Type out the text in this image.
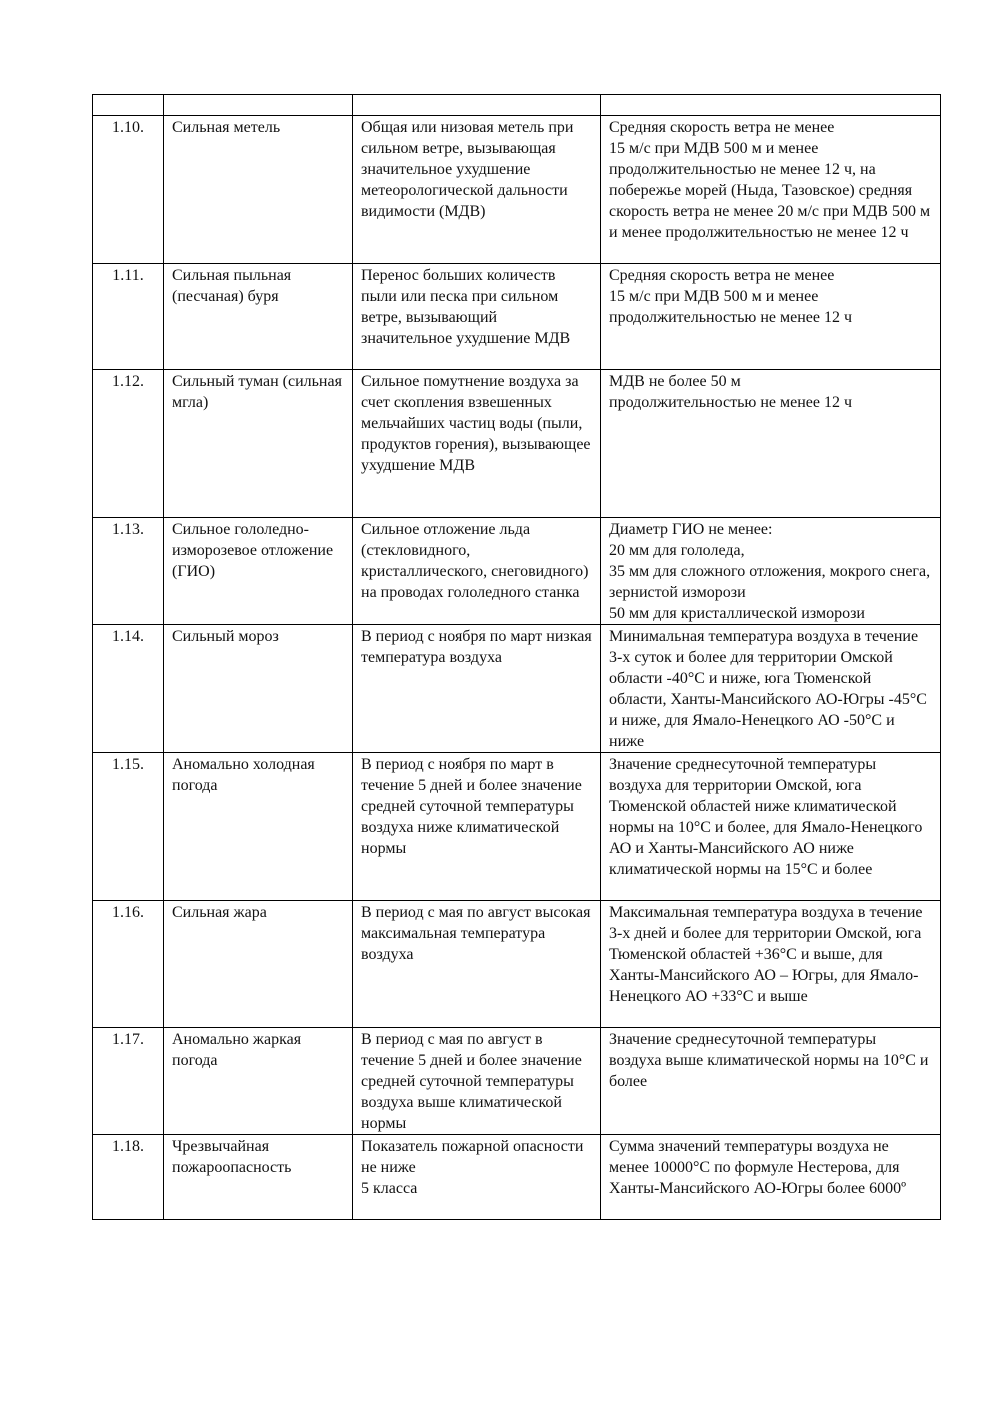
1.10.	Сильная метель	Общая или низовая метель при сильном ветре, вызывающая значительное ухудшение метеорологической дальности видимости (МДВ)	Средняя скорость ветра не менее
15 м/с при МДВ 500 м и менее продолжительностью не менее 12 ч, на побережье морей (Ныда, Тазовское) средняя скорость ветра не менее 20 м/с при МДВ 500 м и менее продолжительностью не менее 12 ч
1.11.	Сильная пыльная (песчаная) буря	Перенос больших количеств пыли или песка при сильном ветре, вызывающий значительное ухудшение МДВ	Средняя скорость ветра не менее
15 м/с при МДВ 500 м и менее продолжительностью не менее 12 ч
1.12.	Сильный туман (сильная мгла)	Сильное помутнение воздуха за счет скопления взвешенных мельчайших частиц воды (пыли, продуктов горения), вызывающее ухудшение МДВ	МДВ не более 50 м
продолжительностью не менее 12 ч
1.13.	Сильное гололедно-изморозевое отложение (ГИО)	Сильное отложение льда (стекловидного, кристаллического, снеговидного) на проводах гололедного станка	Диаметр ГИО не менее:
20 мм для гололеда,
35 мм для сложного отложения, мокрого снега, зернистой изморози
50 мм для кристаллической изморози
1.14.	Сильный мороз	В период с ноября по март низкая температура воздуха	Минимальная температура воздуха в течение 3-х суток и более для территории Омской области -40°С и ниже, юга Тюменской области, Ханты-Мансийского АО-Югры -45°С и ниже, для Ямало-Ненецкого АО -50°С и ниже
1.15.	Аномально холодная погода	В период с ноября по март в течение 5 дней и более значение средней суточной температуры воздуха ниже климатической нормы	Значение среднесуточной температуры воздуха для территории Омской, юга Тюменской областей ниже климатической нормы на 10°С и более, для Ямало-Ненецкого АО и Ханты-Мансийского АО ниже климатической нормы на 15°С и более
1.16.	Сильная жара	В период с мая по август высокая максимальная температура воздуха	Максимальная температура воздуха в течение 3-х дней и более для территории Омской, юга Тюменской областей +36°С и выше, для Ханты-Мансийского АО – Югры, для Ямало-Ненецкого АО +33°С и выше
1.17.	Аномально жаркая погода	В период с мая по август в течение 5 дней и более значение средней суточной температуры воздуха выше климатической нормы	Значение среднесуточной температуры воздуха выше климатической нормы на 10°С и более
1.18.	Чрезвычайная пожароопасность	Показатель пожарной опасности не ниже
5 класса	Сумма значений температуры воздуха не менее 10000°С по формуле Нестерова, для Ханты-Мансийского АО-Югры более 6000º
